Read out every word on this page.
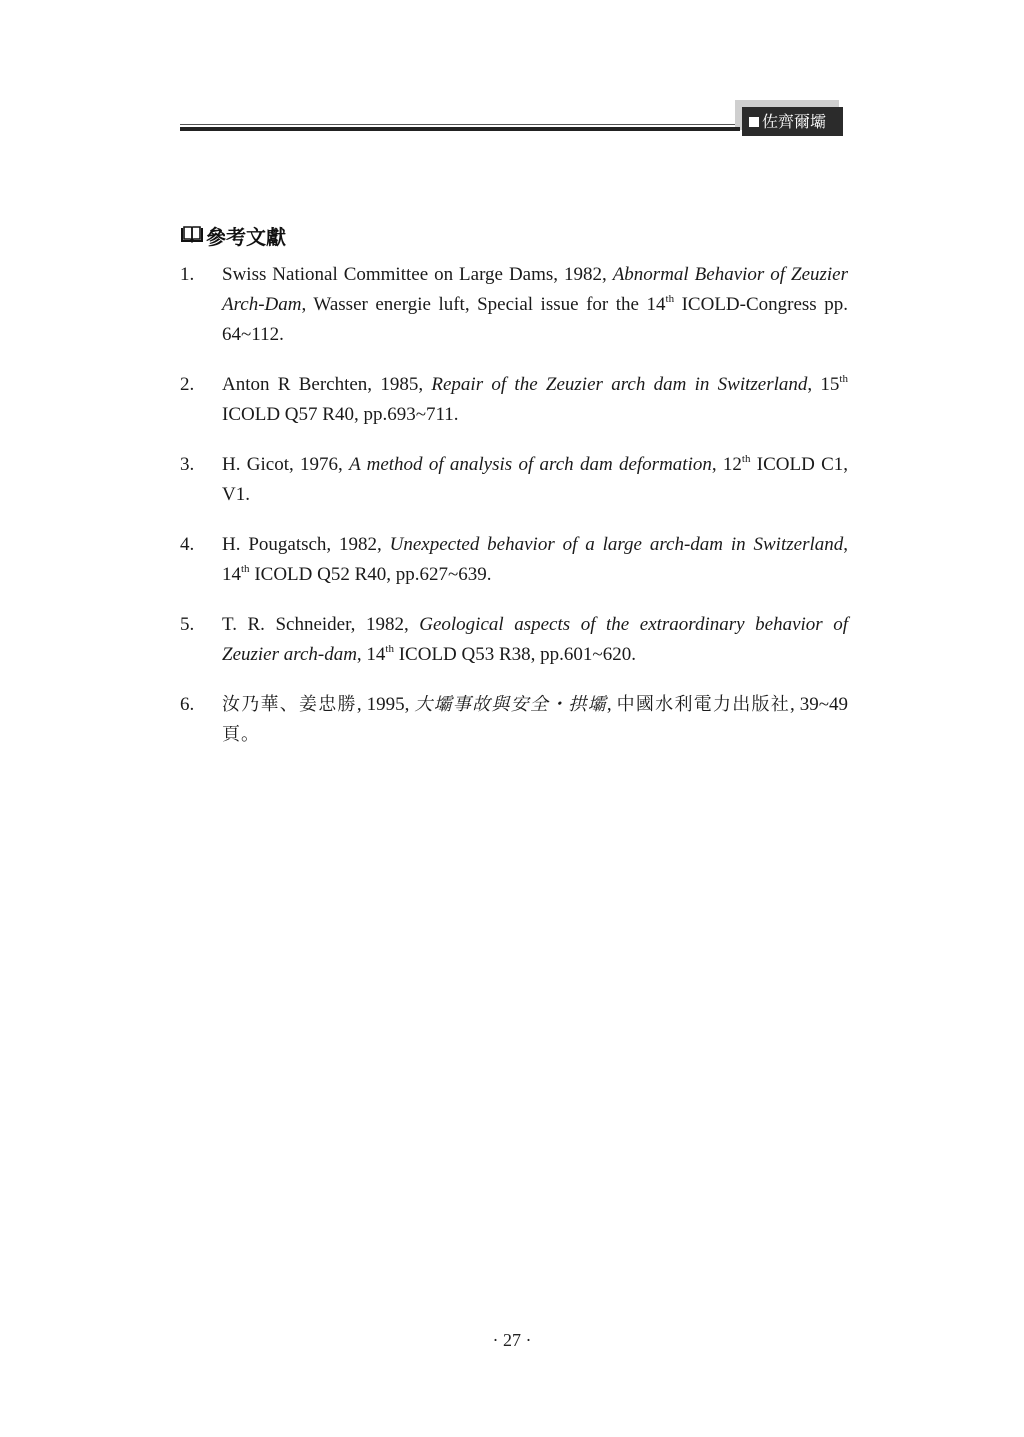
佐齊爾壩
參考文獻
1. Swiss National Committee on Large Dams, 1982, Abnormal Behavior of Zeuzier Arch-Dam, Wasser energie luft, Special issue for the 14th ICOLD-Congress pp. 64~112.
2. Anton R Berchten, 1985, Repair of the Zeuzier arch dam in Switzerland, 15th ICOLD Q57 R40, pp.693~711.
3. H. Gicot, 1976, A method of analysis of arch dam deformation, 12th ICOLD C1, V1.
4. H. Pougatsch, 1982, Unexpected behavior of a large arch-dam in Switzerland, 14th ICOLD Q52 R40, pp.627~639.
5. T. R. Schneider, 1982, Geological aspects of the extraordinary behavior of Zeuzier arch-dam, 14th ICOLD Q53 R38, pp.601~620.
6. 汝乃華、姜忠勝, 1995, 大壩事故與安全・拱壩, 中國水利電力出版社, 39~49 頁。
· 27 ·
